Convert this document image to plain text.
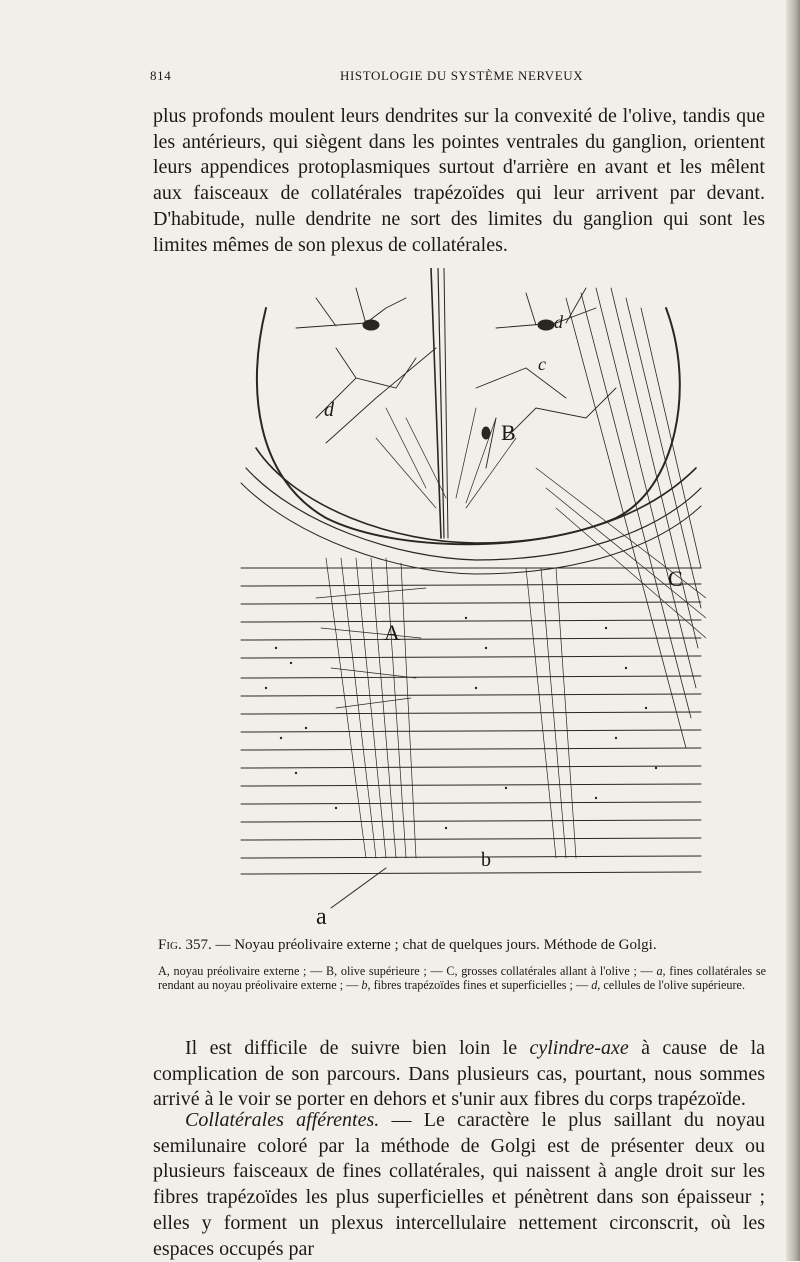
814	HISTOLOGIE DU SYSTÈME NERVEUX

plus profonds moulent leurs dendrites sur la convexité de l'olive, tandis que les antérieurs, qui siègent dans les pointes ventrales du ganglion, orientent leurs appendices protoplasmiques surtout d'arrière en avant et les mêlent aux faisceaux de collatérales trapézoïdes qui leur arrivent par devant. D'habitude, nulle dendrite ne sort des limites du ganglion qui sont les limites mêmes de son plexus de collatérales.

d
d
c
B
C
A
b
a
Fig. 357. — Noyau préolivaire externe ; chat de quelques jours. Méthode de Golgi.

A, noyau préolivaire externe ; — B, olive supérieure ; — C, grosses collatérales allant à l'olive ; — a, fines collatérales se rendant au noyau préolivaire externe ; — b, fibres trapézoïdes fines et superficielles ; — d, cellules de l'olive supérieure.

Il est difficile de suivre bien loin le cylindre-axe à cause de la complication de son parcours. Dans plusieurs cas, pourtant, nous sommes arrivé à le voir se porter en dehors et s'unir aux fibres du corps trapézoïde.

Collatérales afférentes. — Le caractère le plus saillant du noyau semilunaire coloré par la méthode de Golgi est de présenter deux ou plusieurs faisceaux de fines collatérales, qui naissent à angle droit sur les fibres trapézoïdes les plus superficielles et pénètrent dans son épaisseur ; elles y forment un plexus intercellulaire nettement circonscrit, où les espaces occupés par
